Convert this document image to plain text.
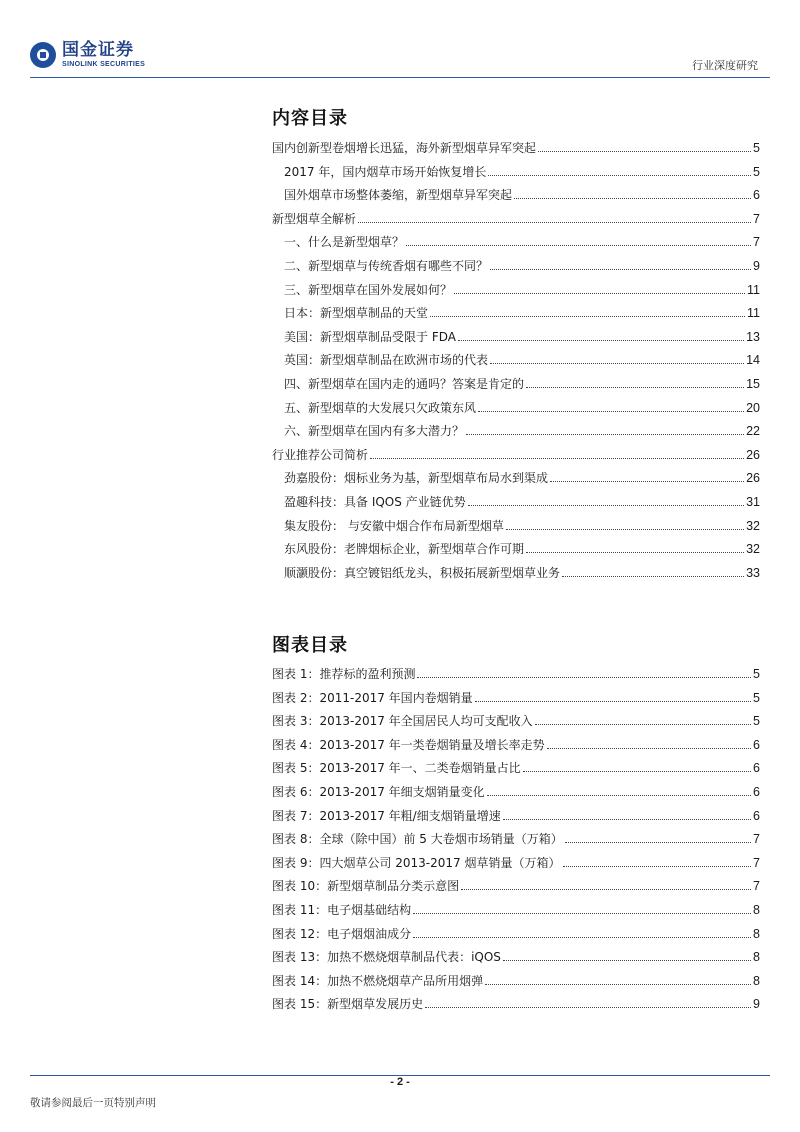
国金证券
SINOLINK SECURITIES	行业深度研究
内容目录
国内创新型卷烟增长迅猛，海外新型烟草异军突起	5
2017 年，国内烟草市场开始恢复增长	5
国外烟草市场整体萎缩，新型烟草异军突起	6
新型烟草全解析	7
一、什么是新型烟草？	7
二、新型烟草与传统香烟有哪些不同？	9
三、新型烟草在国外发展如何？	11
日本：新型烟草制品的天堂	11
美国：新型烟草制品受限于 FDA	13
英国：新型烟草制品在欧洲市场的代表	14
四、新型烟草在国内走的通吗？答案是肯定的	15
五、新型烟草的大发展只欠政策东风	20
六、新型烟草在国内有多大潜力？	22
行业推荐公司简析	26
劲嘉股份：烟标业务为基，新型烟草布局水到渠成	26
盈趣科技：具备 IQOS 产业链优势	31
集友股份： 与安徽中烟合作布局新型烟草	32
东风股份：老牌烟标企业，新型烟草合作可期	32
顺灏股份：真空镀铝纸龙头，积极拓展新型烟草业务	33
图表目录
图表 1：推荐标的盈利预测	5
图表 2：2011-2017 年国内卷烟销量	5
图表 3：2013-2017 年全国居民人均可支配收入	5
图表 4：2013-2017 年一类卷烟销量及增长率走势	6
图表 5：2013-2017 年一、二类卷烟销量占比	6
图表 6：2013-2017 年细支烟销量变化	6
图表 7：2013-2017 年粗/细支烟销量增速	6
图表 8：全球（除中国）前 5 大卷烟市场销量（万箱）	7
图表 9：四大烟草公司 2013-2017 烟草销量（万箱）	7
图表 10：新型烟草制品分类示意图	7
图表 11：电子烟基础结构	8
图表 12：电子烟烟油成分	8
图表 13：加热不燃烧烟草制品代表：iQOS	8
图表 14：加热不燃烧烟草产品所用烟弹	8
图表 15：新型烟草发展历史	9
- 2 -
敬请参阅最后一页特别声明
